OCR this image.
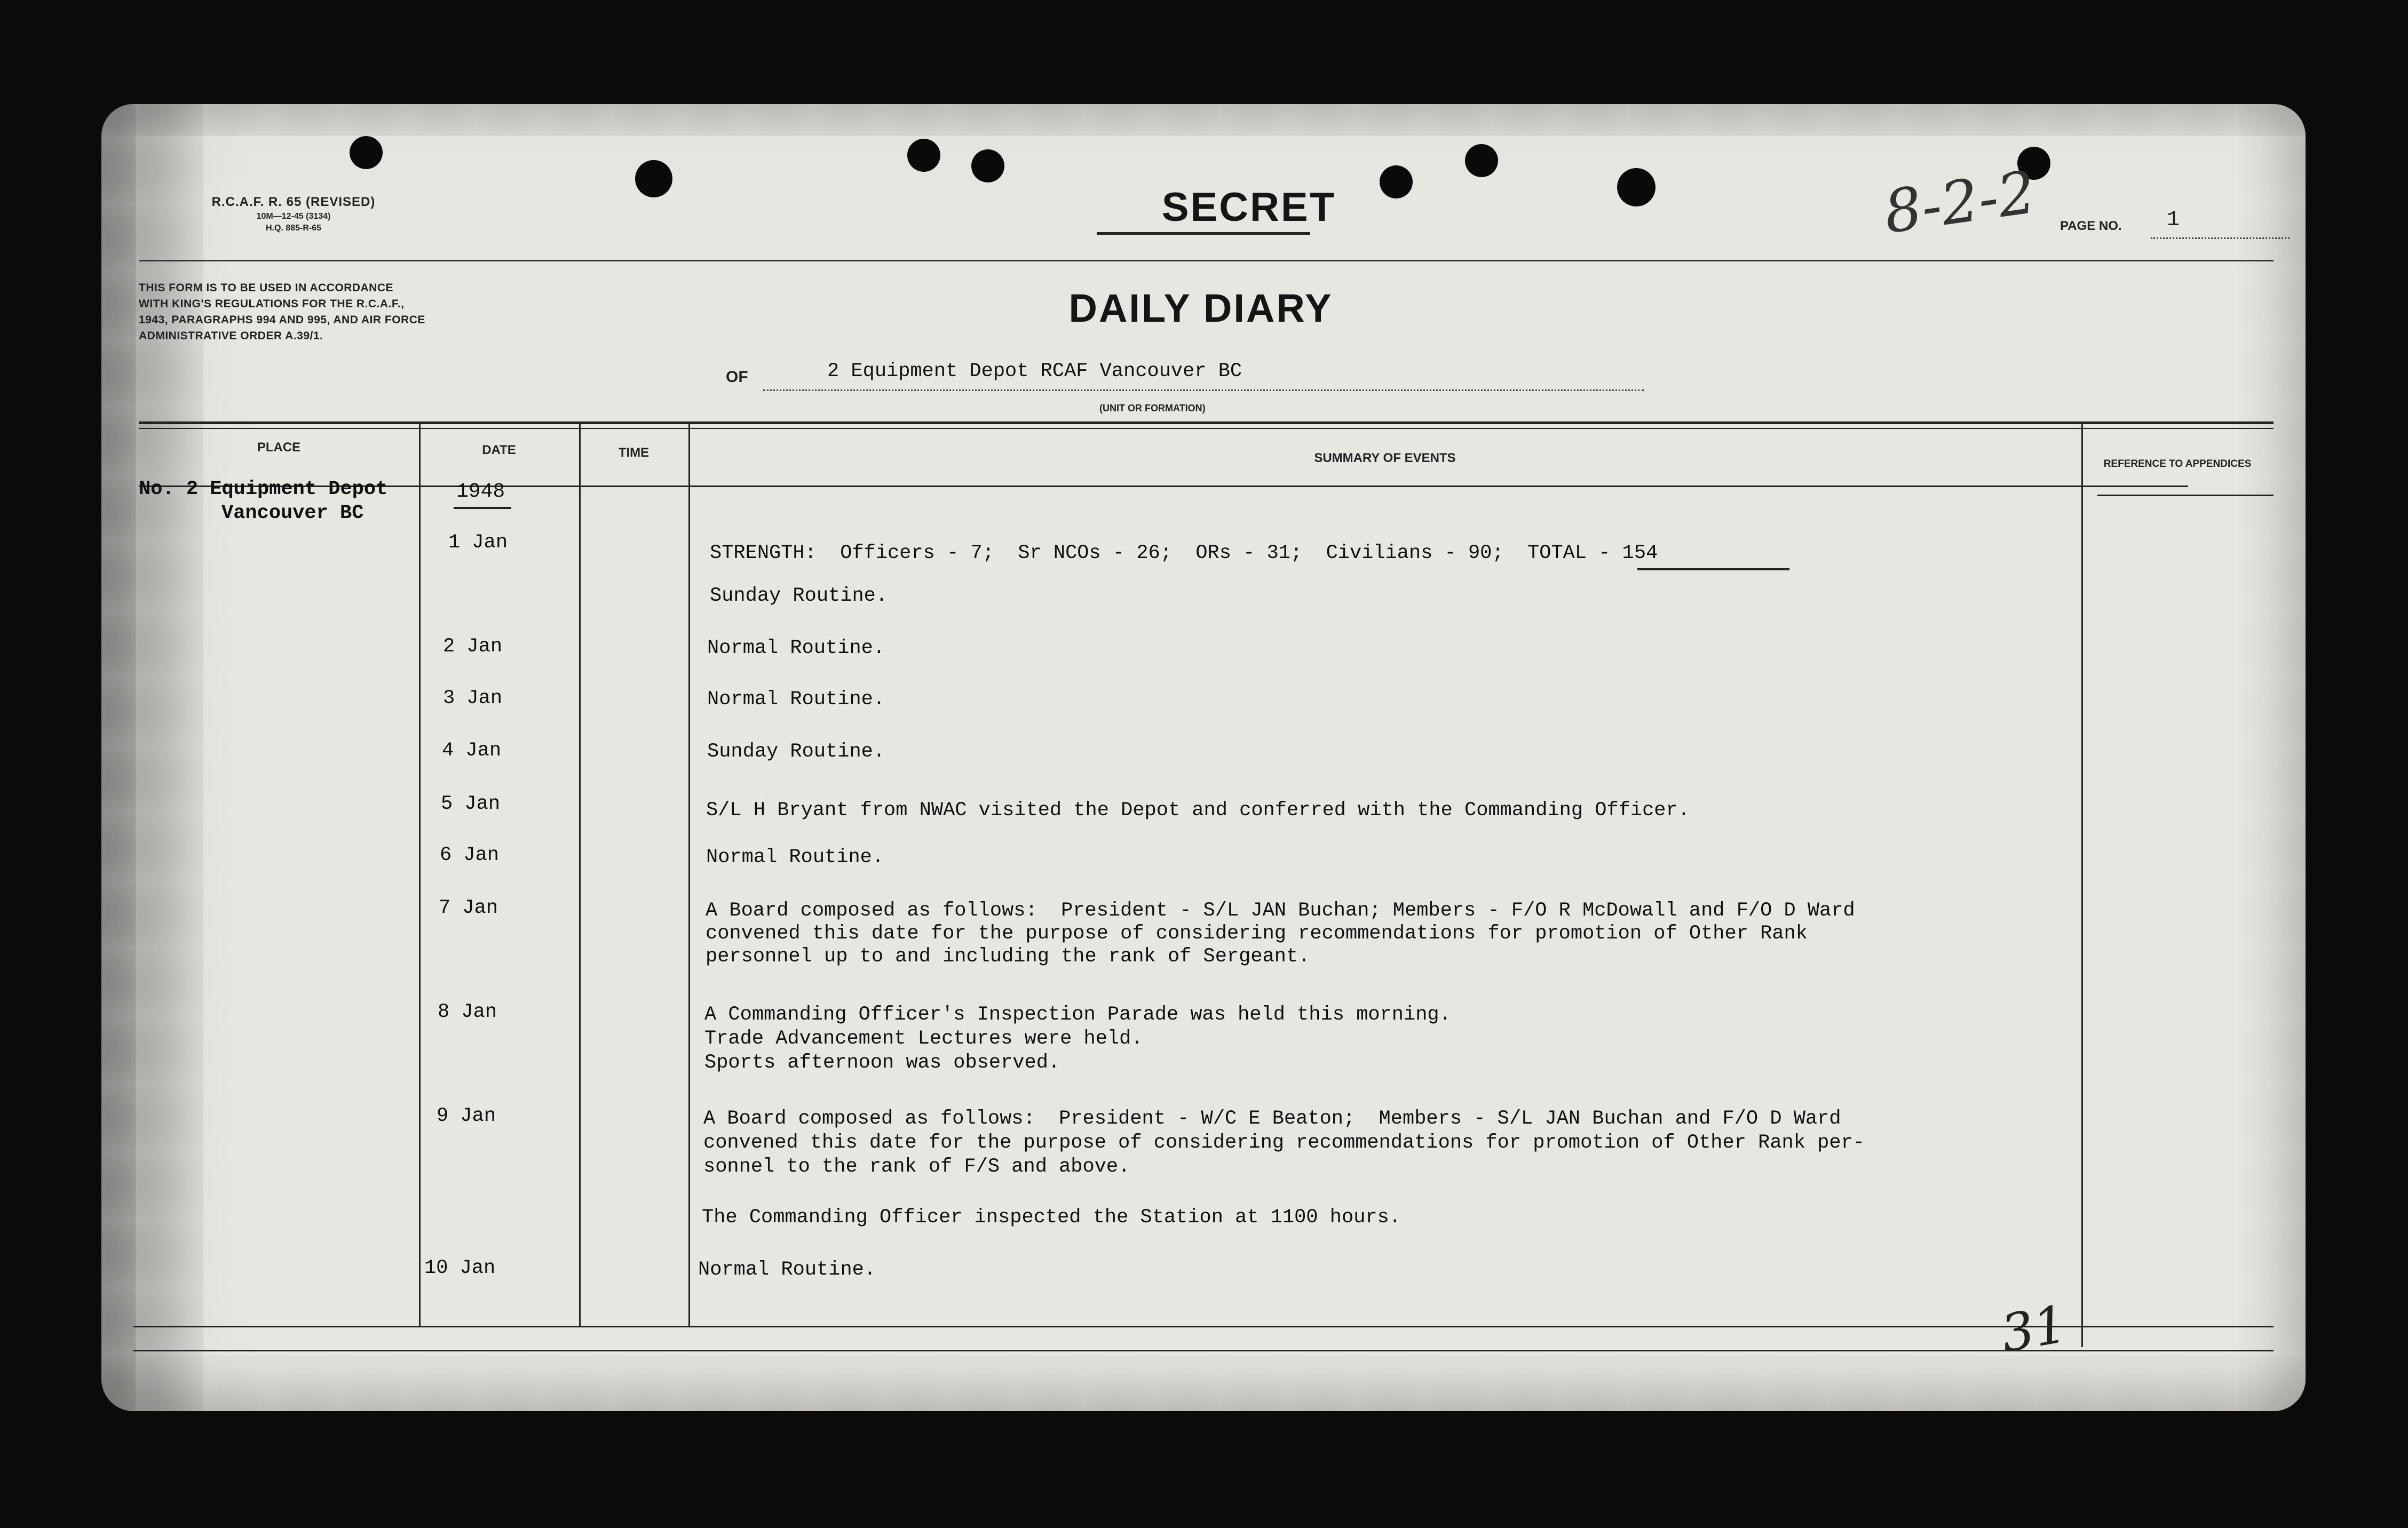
R.C.A.F. R. 65 (REVISED)
10M—12-45 (3134)
H.Q. 885-R-65
THIS FORM IS TO BE USED IN ACCORDANCE
WITH KING'S REGULATIONS FOR THE R.C.A.F.,
1943, PARAGRAPHS 994 AND 995, AND AIR FORCE
ADMINISTRATIVE ORDER A.39/1.
SECRET	8-2-2 PAGE NO. 1
DAILY DIARY
OF	2 Equipment Depot RCAF Vancouver BC
(UNIT OR FORMATION)
PLACE	DATE	TIME	SUMMARY OF EVENTS	REFERENCE TO APPENDICES
No. 2 Equipment Depot
Vancouver BC
1948
1 Jan	STRENGTH:  Officers - 7;  Sr NCOs - 26;  ORs - 31;  Civilians - 90;  TOTAL - 154
Sunday Routine.
2 Jan	Normal Routine.
3 Jan	Normal Routine.
4 Jan	Sunday Routine.
5 Jan	S/L H Bryant from NWAC visited the Depot and conferred with the Commanding Officer.
6 Jan	Normal Routine.
7 Jan	A Board composed as follows:  President - S/L JAN Buchan; Members - F/O R McDowall and F/O D Ward
convened this date for the purpose of considering recommendations for promotion of Other Rank
personnel up to and including the rank of Sergeant.
8 Jan	A Commanding Officer's Inspection Parade was held this morning.
Trade Advancement Lectures were held.
Sports afternoon was observed.
9 Jan	A Board composed as follows:  President - W/C E Beaton;  Members - S/L JAN Buchan and F/O D Ward
convened this date for the purpose of considering recommendations for promotion of Other Rank per-
sonnel to the rank of F/S and above.
The Commanding Officer inspected the Station at 1100 hours.
10 Jan	Normal Routine.
31
